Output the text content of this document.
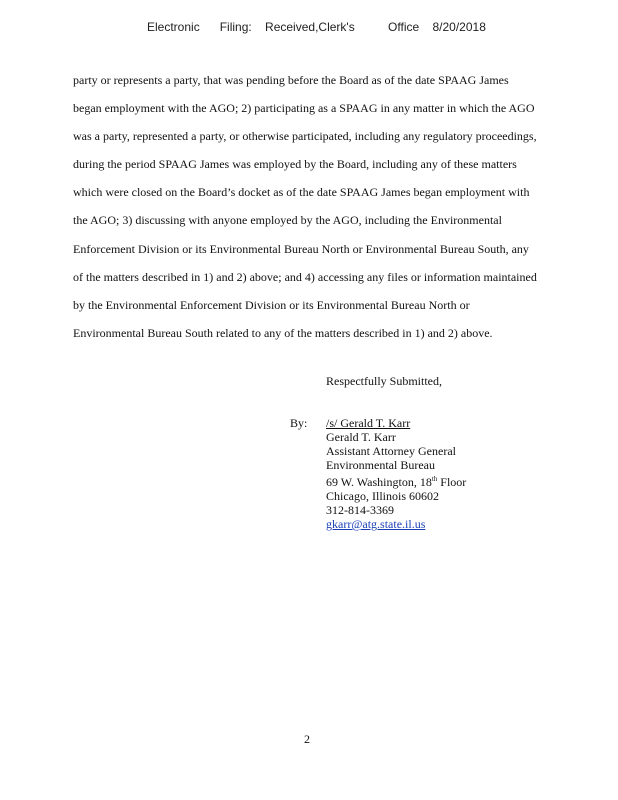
Electronic      Filing:    Received,Clerk's          Office    8/20/2018
party or represents a party, that was pending before the Board as of the date SPAAG James
began employment with the AGO; 2) participating as a SPAAG in any matter in which the AGO
was a party, represented a party, or otherwise participated, including any regulatory proceedings,
during the period SPAAG James was employed by the Board, including any of these matters
which were closed on the Board’s docket as of the date SPAAG James began employment with
the AGO; 3) discussing with anyone employed by the AGO, including the Environmental
Enforcement Division or its Environmental Bureau North or Environmental Bureau South, any
of the matters described in 1) and 2) above; and 4) accessing any files or information maintained
by the Environmental Enforcement Division or its Environmental Bureau North or
Environmental Bureau South related to any of the matters described in 1) and 2) above.
Respectfully Submitted,
By: /s/ Gerald T. Karr
Gerald T. Karr
Assistant Attorney General
Environmental Bureau
69 W. Washington, 18th Floor
Chicago, Illinois 60602
312-814-3369
gkarr@atg.state.il.us
2
